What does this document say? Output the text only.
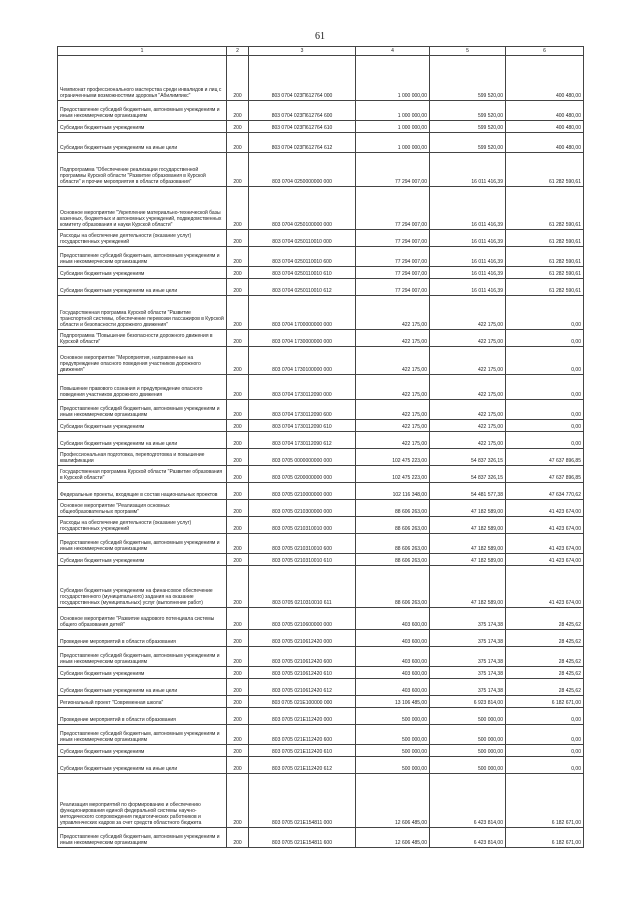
61
1	2	3	4	5	6
Чемпионат профессионального мастерства среди инвалидов и лиц с ограниченными возможностями здоровья "Абилимпикс"	200	803 0704 023П612764 000	1 000 000,00	599 520,00	400 480,00
Предоставление субсидий бюджетным, автономным учреждениям и иным некоммерческим организациям	200	803 0704 023П612764 600	1 000 000,00	599 520,00	400 480,00
Субсидии бюджетным учреждениям	200	803 0704 023П612764 610	1 000 000,00	599 520,00	400 480,00
Субсидии бюджетным учреждениям на иные цели	200	803 0704 023П612764 612	1 000 000,00	599 520,00	400 480,00
Подпрограмма "Обеспечение реализации государственной программы Курской области "Развитие образования в Курской области" и прочие мероприятия в области образования"	200	803 0704 0250000000 000	77 294 007,00	16 011 416,39	61 282 590,61
Основное мероприятие "Укрепление материально-технической базы казенных, бюджетных и автономных учреждений, подведомственных комитету образования и науки Курской области"	200	803 0704 0250100000 000	77 294 007,00	16 011 416,39	61 282 590,61
Расходы на обеспечение деятельности (оказание услуг) государственных учреждений	200	803 0704 0250110010 000	77 294 007,00	16 011 416,39	61 282 590,61
Предоставление субсидий бюджетным, автономным учреждениям и иным некоммерческим организациям	200	803 0704 0250110010 600	77 294 007,00	16 011 416,39	61 282 590,61
Субсидии бюджетным учреждениям	200	803 0704 0250110010 610	77 294 007,00	16 011 416,39	61 282 590,61
Субсидии бюджетным учреждениям на иные цели	200	803 0704 0250110010 612	77 294 007,00	16 011 416,39	61 282 590,61
Государственная программа Курской области "Развитие транспортной системы, обеспечение перевозки пассажиров в Курской области и безопасности дорожного движения"	200	803 0704 1700000000 000	422 175,00	422 175,00	0,00
Подпрограмма "Повышение безопасности дорожного движения в Курской области"	200	803 0704 1730000000 000	422 175,00	422 175,00	0,00
Основное мероприятие "Мероприятия, направленные на предупреждение опасного поведения участников дорожного движения"	200	803 0704 1730100000 000	422 175,00	422 175,00	0,00
Повышение правового сознания и предупреждение опасного поведения участников дорожного движения	200	803 0704 1730112090 000	422 175,00	422 175,00	0,00
Предоставление субсидий бюджетным, автономным учреждениям и иным некоммерческим организациям	200	803 0704 1730112090 600	422 175,00	422 175,00	0,00
Субсидии бюджетным учреждениям	200	803 0704 1730112090 610	422 175,00	422 175,00	0,00
Субсидии бюджетным учреждениям на иные цели	200	803 0704 1730112090 612	422 175,00	422 175,00	0,00
Профессиональная подготовка, переподготовка и повышение квалификации	200	803 0705 0000000000 000	102 475 223,00	54 837 326,15	47 637 896,85
Государственная программа Курской области "Развитие образования в Курской области"	200	803 0705 0200000000 000	102 475 223,00	54 837 326,15	47 637 896,85
Федеральные проекты, входящие в состав национальных проектов	200	803 0705 0210000000 000	102 116 348,00	54 481 577,38	47 634 770,62
Основное мероприятие "Реализация основных общеобразовательных программ"	200	803 0705 0210300000 000	88 606 263,00	47 182 589,00	41 423 674,00
Расходы на обеспечение деятельности (оказание услуг) государственных учреждений	200	803 0705 0210310010 000	88 606 263,00	47 182 589,00	41 423 674,00
Предоставление субсидий бюджетным, автономным учреждениям и иным некоммерческим организациям	200	803 0705 0210310010 600	88 606 263,00	47 182 589,00	41 423 674,00
Субсидии бюджетным учреждениям	200	803 0705 0210310010 610	88 606 263,00	47 182 589,00	41 423 674,00
Субсидии бюджетным учреждениям на финансовое обеспечение государственного (муниципального) задания на оказание государственных (муниципальных) услуг (выполнение работ)	200	803 0705 0210310010 611	88 606 263,00	47 182 589,00	41 423 674,00
Основное мероприятие "Развитие кадрового потенциала системы общего образования детей"	200	803 0705 0210600000 000	403 600,00	375 174,38	28 425,62
Проведение мероприятий в области образования	200	803 0705 0210612420 000	403 600,00	375 174,38	28 425,62
Предоставление субсидий бюджетным, автономным учреждениям и иным некоммерческим организациям	200	803 0705 0210612420 600	403 600,00	375 174,38	28 425,62
Субсидии бюджетным учреждениям	200	803 0705 0210612420 610	403 600,00	375 174,38	28 425,62
Субсидии бюджетным учреждениям на иные цели	200	803 0705 0210612420 612	403 600,00	375 174,38	28 425,62
Региональный проект "Современная школа"	200	803 0705 021E100000 000	13 106 485,00	6 923 814,00	6 182 671,00
Проведение мероприятий в области образования	200	803 0705 021E112420 000	500 000,00	500 000,00	0,00
Предоставление субсидий бюджетным, автономным учреждениям и иным некоммерческим организациям	200	803 0705 021E112420 600	500 000,00	500 000,00	0,00
Субсидии бюджетным учреждениям	200	803 0705 021E112420 610	500 000,00	500 000,00	0,00
Субсидии бюджетным учреждениям на иные цели	200	803 0705 021E112420 612	500 000,00	500 000,00	0,00
Реализация мероприятий по формированию и обеспечению функционирования единой федеральной системы научно-методического сопровождения педагогических работников и управленческих кадров за счет средств областного бюджета	200	803 0705 021E154811 000	12 606 485,00	6 423 814,00	6 182 671,00
Предоставление субсидий бюджетным, автономным учреждениям и иным некоммерческим организациям	200	803 0705 021E154811 600	12 606 485,00	6 423 814,00	6 182 671,00
